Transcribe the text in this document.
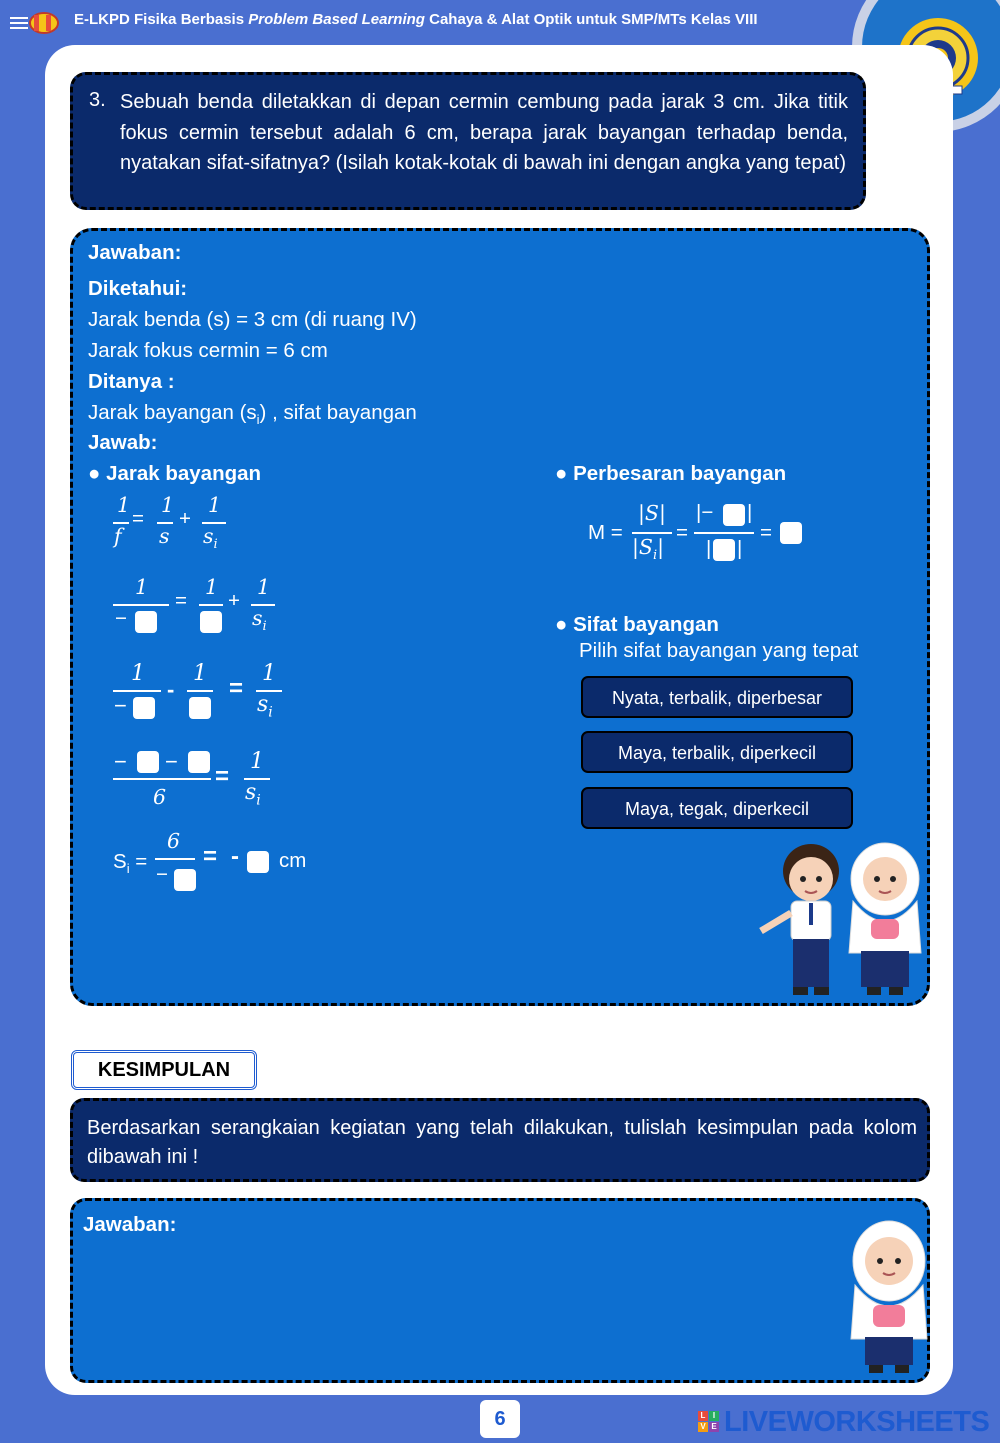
E-LKPD Fisika Berbasis Problem Based Learning Cahaya & Alat Optik untuk SMP/MTs Kelas VIII
3. Sebuah benda diletakkan di depan cermin cembung pada jarak 3 cm. Jika titik fokus cermin tersebut adalah 6 cm, berapa jarak bayangan terhadap benda, nyatakan sifat-sifatnya? (Isilah kotak-kotak di bawah ini dengan angka yang tepat)
Jawaban:
Diketahui:
Jarak benda (s) = 3 cm (di ruang IV)
Jarak fokus cermin = 6 cm
Ditanya :
Jarak bayangan $(s_i)$ , sifat bayangan
Jawab:
● Jarak bayangan
1
f
=
1
s
+
1
$s_i$
1
−
=
1
+
1
$s_i$
1
−
-
1
=
1
$s_i$
− −
6
=
1
$s_i$
$S_i$ =
6
−
= - cm
● Perbesaran bayangan
M =
|S|
$|S_i|$
=
|− |
| |
=
● Sifat bayangan
Pilih sifat bayangan yang tepat
Nyata, terbalik, diperbesar
Maya, terbalik, diperkecil
Maya, tegak, diperkecil
KESIMPULAN
Berdasarkan serangkaian kegiatan yang telah dilakukan, tulislah kesimpulan pada kolom dibawah ini !
Jawaban:
6	L I
V E LIVEWORKSHEETS
